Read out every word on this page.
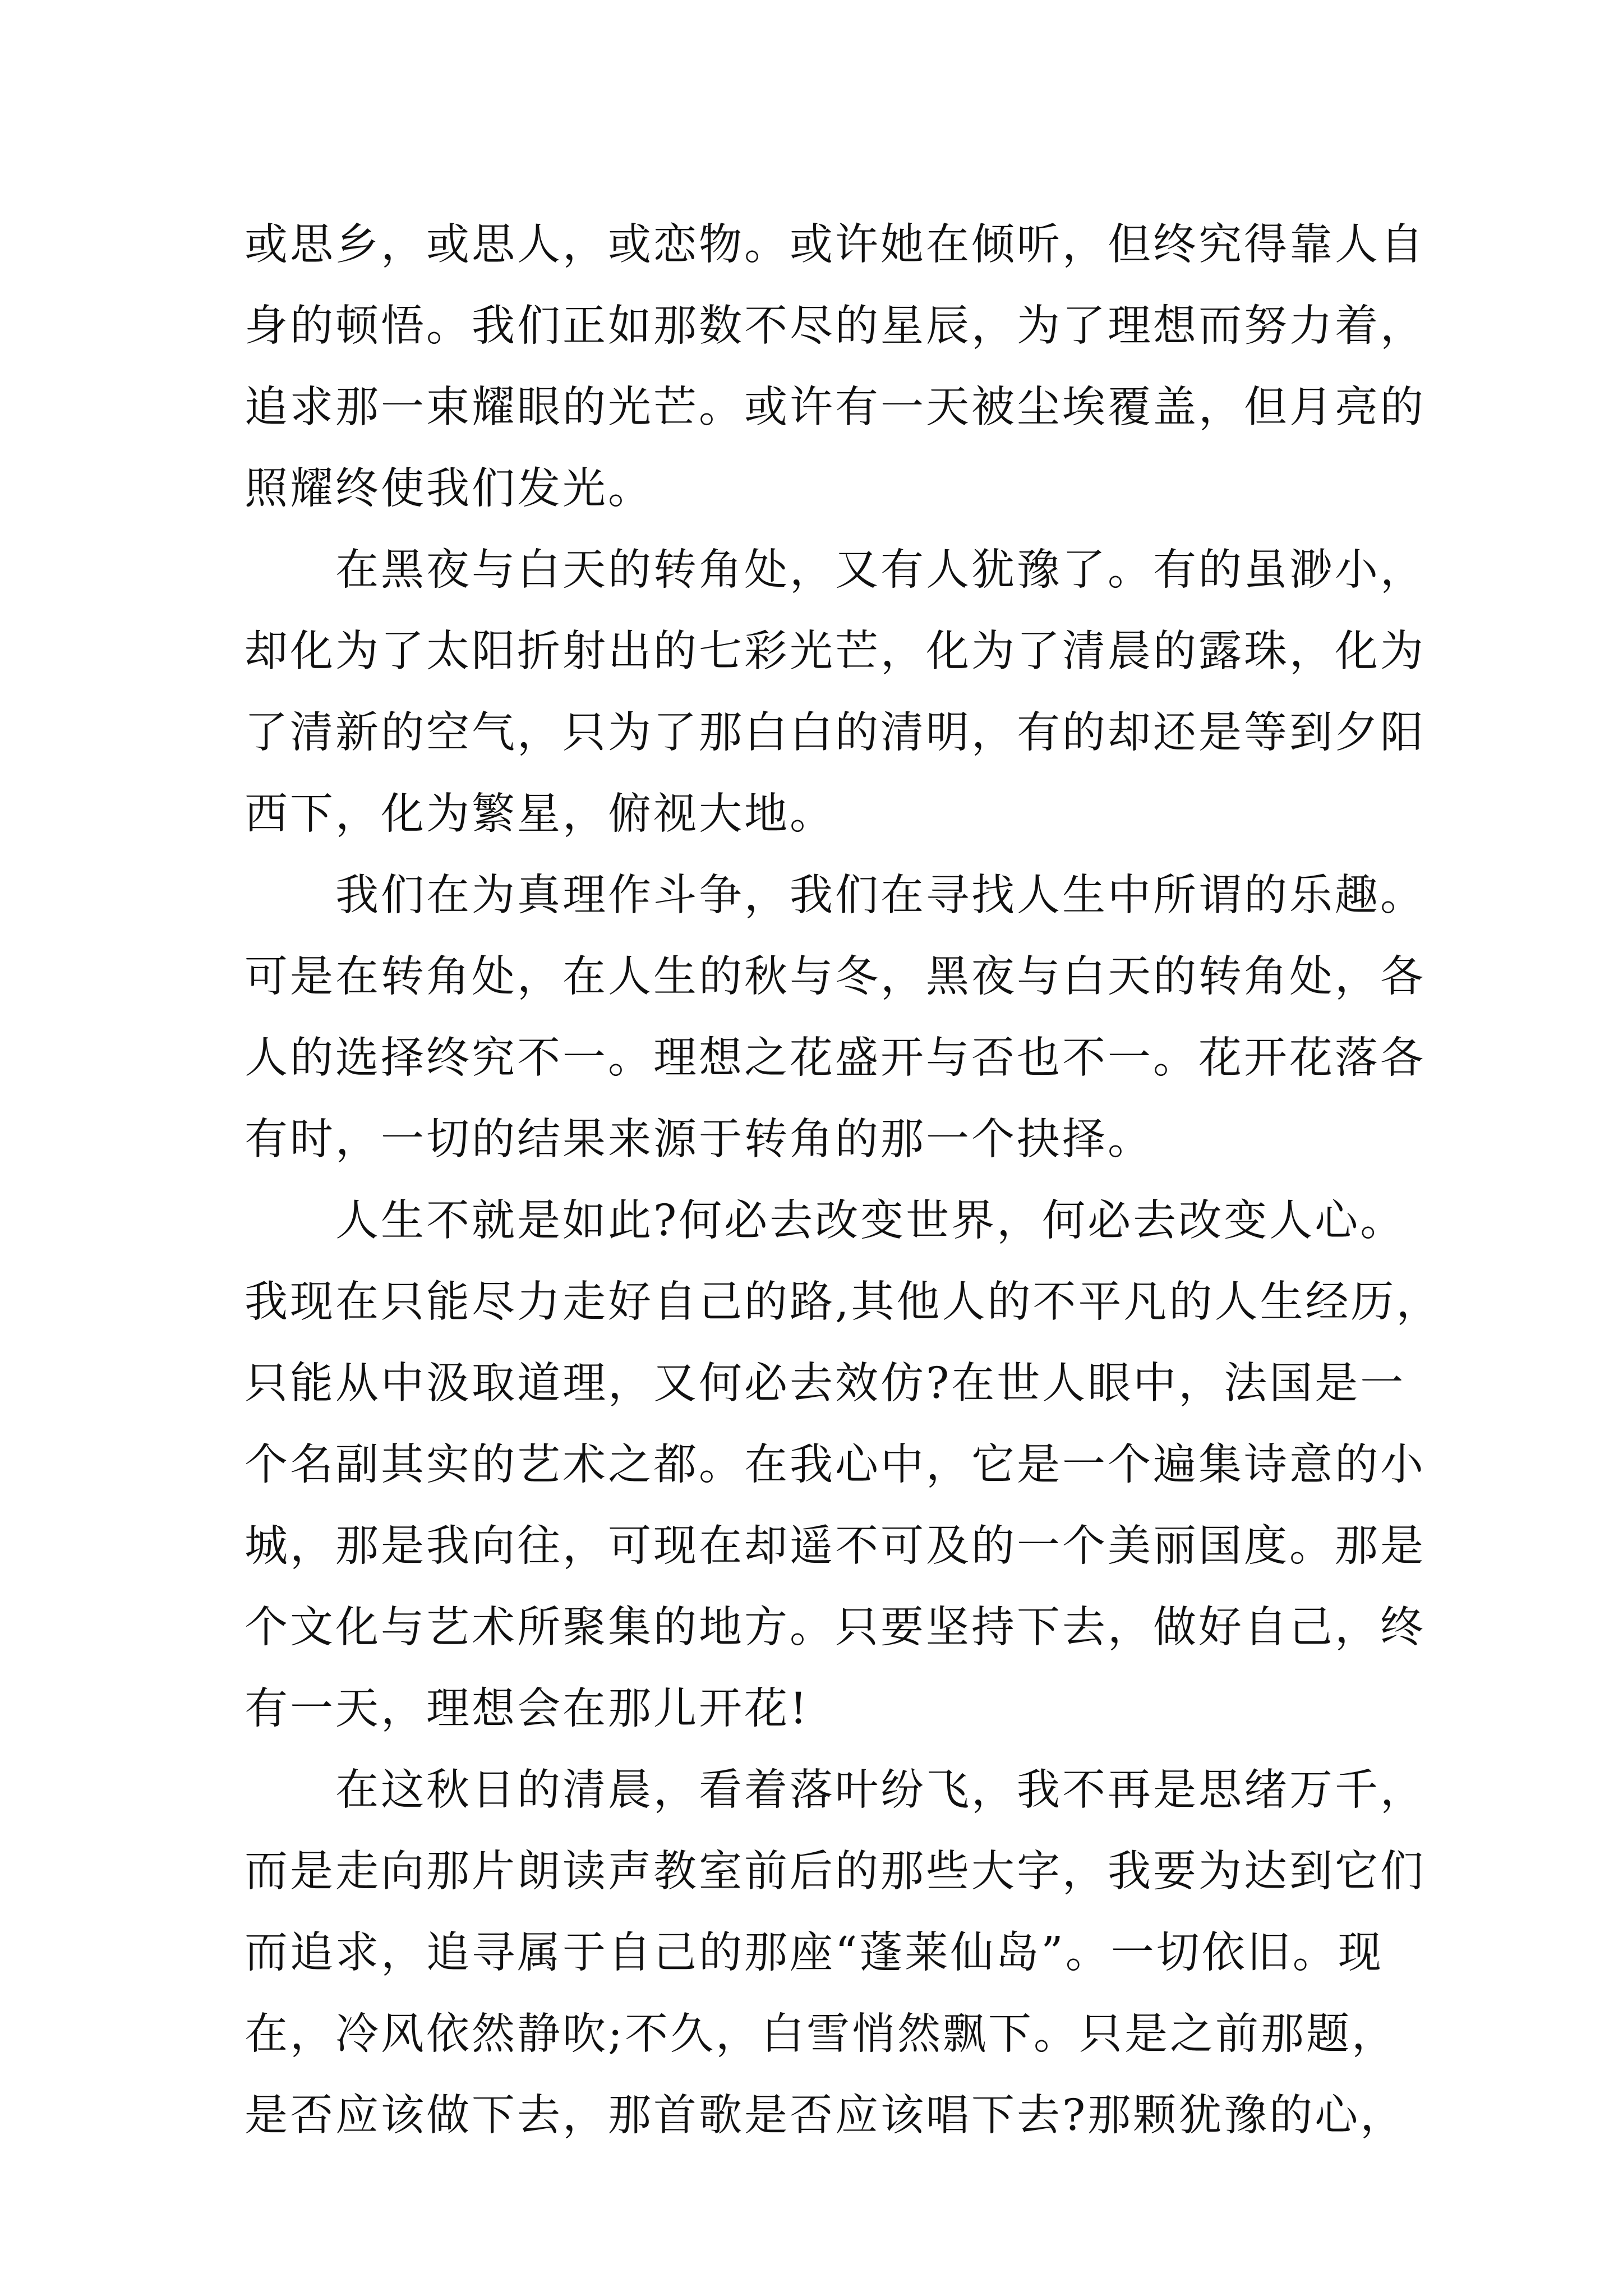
或思乡，或思人，或恋物。或许她在倾听，但终究得靠人自
身的顿悟。我们正如那数不尽的星辰，为了理想而努力着，
追求那一束耀眼的光芒。或许有一天被尘埃覆盖，但月亮的
照耀终使我们发光。
在黑夜与白天的转角处，又有人犹豫了。有的虽渺小，
却化为了太阳折射出的七彩光芒，化为了清晨的露珠，化为
了清新的空气，只为了那白白的清明，有的却还是等到夕阳
西下，化为繁星，俯视大地。
我们在为真理作斗争，我们在寻找人生中所谓的乐趣。
可是在转角处，在人生的秋与冬，黑夜与白天的转角处，各
人的选择终究不一。理想之花盛开与否也不一。花开花落各
有时，一切的结果来源于转角的那一个抉择。
人生不就是如此?何必去改变世界，何必去改变人心。
我现在只能尽力走好自己的路,其他人的不平凡的人生经历，
只能从中汲取道理，又何必去效仿?在世人眼中，法国是一
个名副其实的艺术之都。在我心中，它是一个遍集诗意的小
城，那是我向往，可现在却遥不可及的一个美丽国度。那是
个文化与艺术所聚集的地方。只要坚持下去，做好自己，终
有一天，理想会在那儿开花!
在这秋日的清晨，看着落叶纷飞，我不再是思绪万千，
而是走向那片朗读声教室前后的那些大字，我要为达到它们
而追求，追寻属于自己的那座“蓬莱仙岛”。一切依旧。现
在，冷风依然静吹;不久，白雪悄然飘下。只是之前那题，
是否应该做下去，那首歌是否应该唱下去?那颗犹豫的心，
